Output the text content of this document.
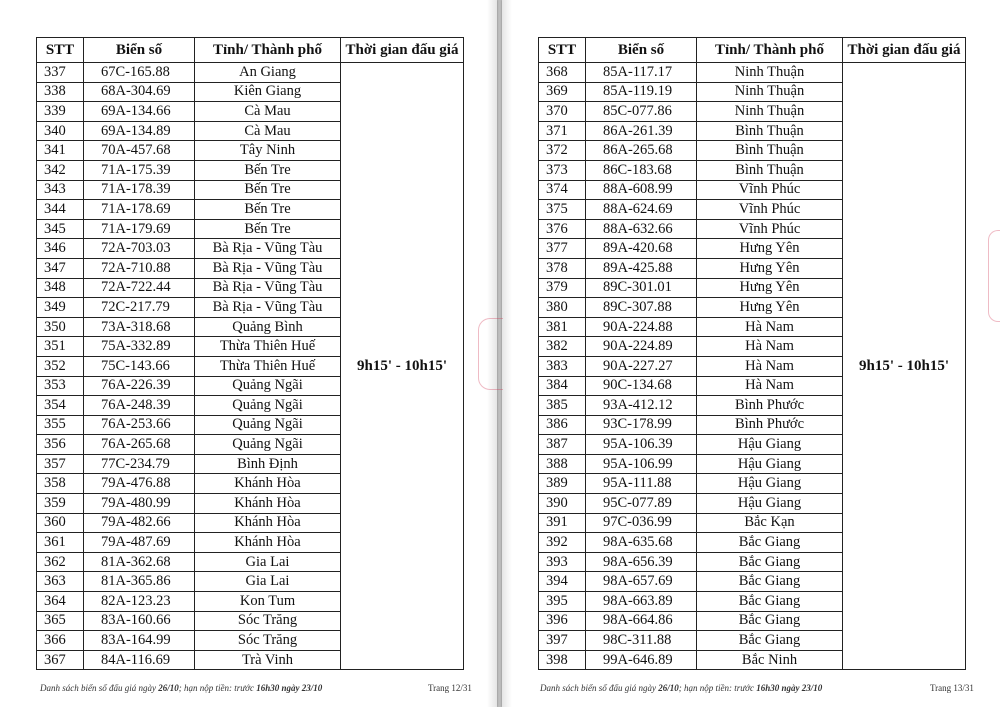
STT	Biển số	Tỉnh/ Thành phố	Thời gian đấu giá
337	67C-165.88	An Giang	9h15' - 10h15'
338	68A-304.69	Kiên Giang	
339	69A-134.66	Cà Mau	
340	69A-134.89	Cà Mau	
341	70A-457.68	Tây Ninh	
342	71A-175.39	Bến Tre	
343	71A-178.39	Bến Tre	
344	71A-178.69	Bến Tre	
345	71A-179.69	Bến Tre	
346	72A-703.03	Bà Rịa - Vũng Tàu	
347	72A-710.88	Bà Rịa - Vũng Tàu	
348	72A-722.44	Bà Rịa - Vũng Tàu	
349	72C-217.79	Bà Rịa - Vũng Tàu	
350	73A-318.68	Quảng Bình	
351	75A-332.89	Thừa Thiên Huế	
352	75C-143.66	Thừa Thiên Huế	
353	76A-226.39	Quảng Ngãi	
354	76A-248.39	Quảng Ngãi	
355	76A-253.66	Quảng Ngãi	
356	76A-265.68	Quảng Ngãi	
357	77C-234.79	Bình Định	
358	79A-476.88	Khánh Hòa	
359	79A-480.99	Khánh Hòa	
360	79A-482.66	Khánh Hòa	
361	79A-487.69	Khánh Hòa	
362	81A-362.68	Gia Lai	
363	81A-365.86	Gia Lai	
364	82A-123.23	Kon Tum	
365	83A-160.66	Sóc Trăng	
366	83A-164.99	Sóc Trăng	
367	84A-116.69	Trà Vinh	
Danh sách biển số đấu giá ngày 26/10; hạn nộp tiền: trước 16h30 ngày 23/10	Trang 12/31
STT	Biển số	Tỉnh/ Thành phố	Thời gian đấu giá
368	85A-117.17	Ninh Thuận	9h15' - 10h15'
369	85A-119.19	Ninh Thuận	
370	85C-077.86	Ninh Thuận	
371	86A-261.39	Bình Thuận	
372	86A-265.68	Bình Thuận	
373	86C-183.68	Bình Thuận	
374	88A-608.99	Vĩnh Phúc	
375	88A-624.69	Vĩnh Phúc	
376	88A-632.66	Vĩnh Phúc	
377	89A-420.68	Hưng Yên	
378	89A-425.88	Hưng Yên	
379	89C-301.01	Hưng Yên	
380	89C-307.88	Hưng Yên	
381	90A-224.88	Hà Nam	
382	90A-224.89	Hà Nam	
383	90A-227.27	Hà Nam	
384	90C-134.68	Hà Nam	
385	93A-412.12	Bình Phước	
386	93C-178.99	Bình Phước	
387	95A-106.39	Hậu Giang	
388	95A-106.99	Hậu Giang	
389	95A-111.88	Hậu Giang	
390	95C-077.89	Hậu Giang	
391	97C-036.99	Bắc Kạn	
392	98A-635.68	Bắc Giang	
393	98A-656.39	Bắc Giang	
394	98A-657.69	Bắc Giang	
395	98A-663.89	Bắc Giang	
396	98A-664.86	Bắc Giang	
397	98C-311.88	Bắc Giang	
398	99A-646.89	Bắc Ninh	
Danh sách biển số đấu giá ngày 26/10; hạn nộp tiền: trước 16h30 ngày 23/10	Trang 13/31
